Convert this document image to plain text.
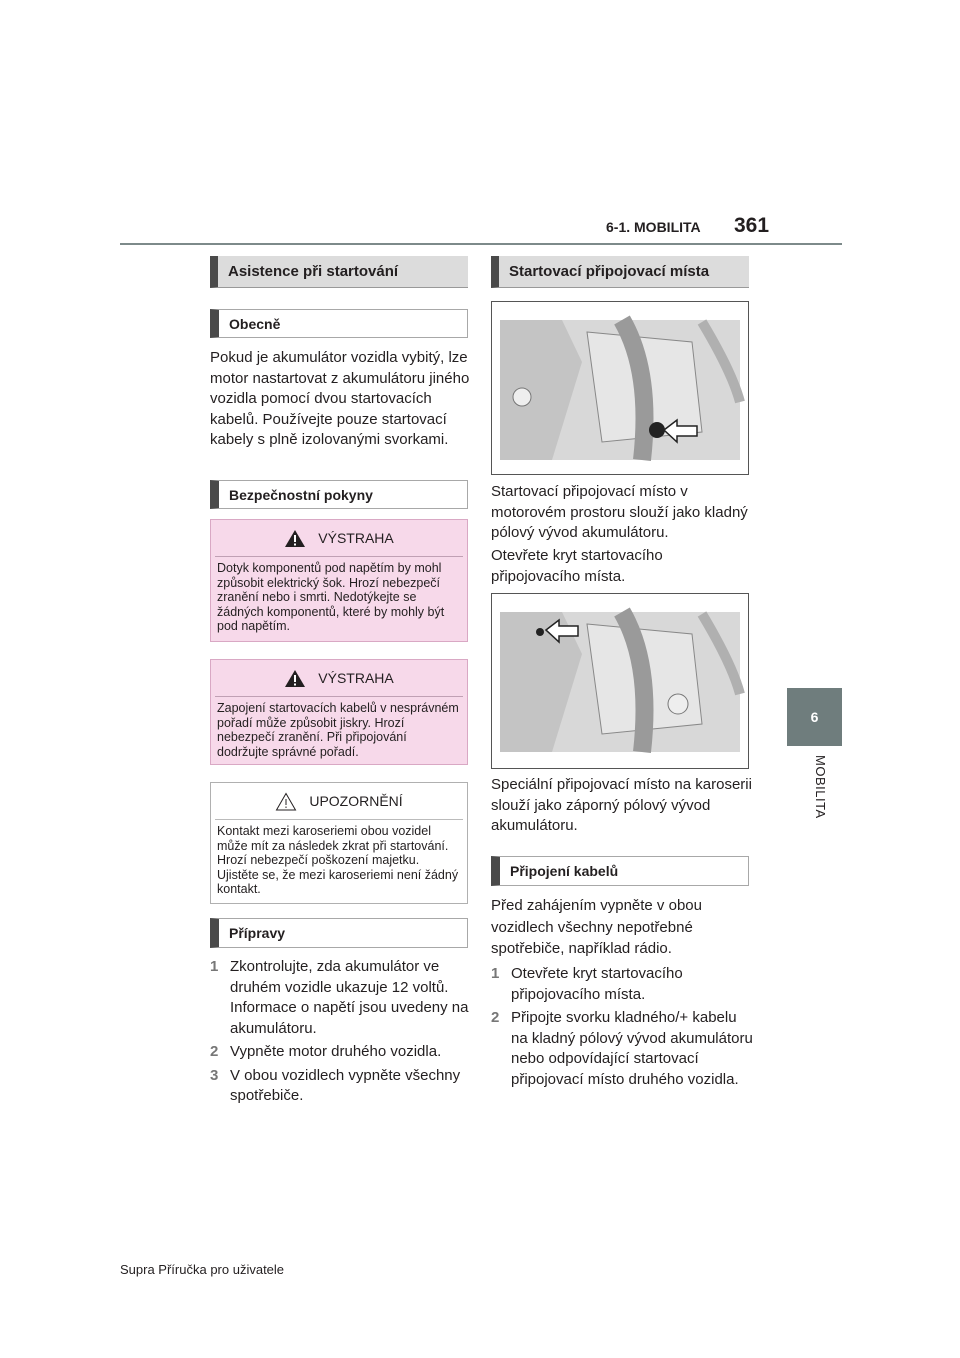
6-1. MOBILITA 361
6
MOBILITA
Asistence při startování
Obecně
Pokud je akumulátor vozidla vybitý, lze motor nastartovat z akumulátoru jiného vozidla pomocí dvou startovacích kabelů. Používejte pouze startovací kabely s plně izolovanými svorkami.
Bezpečnostní pokyny
VÝSTRAHA
Dotyk komponentů pod napětím by mohl způsobit elektrický šok. Hrozí nebezpečí zranění nebo i smrti. Nedotýkejte se žádných komponentů, které by mohly být pod napětím.
VÝSTRAHA
Zapojení startovacích kabelů v nesprávném pořadí může způsobit jiskry. Hrozí nebezpečí zranění. Při připojování dodržujte správné pořadí.
UPOZORNĚNÍ
Kontakt mezi karoseriemi obou vozidel může mít za následek zkrat při startování. Hrozí nebezpečí poškození majetku. Ujistěte se, že mezi karoseriemi není žádný kontakt.
Přípravy
1 Zkontrolujte, zda akumulátor ve druhém vozidle ukazuje 12 voltů. Informace o napětí jsou uvedeny na akumulátoru.
2 Vypněte motor druhého vozidla.
3 V obou vozidlech vypněte všechny spotřebiče.
Startovací připojovací místa
Startovací připojovací místo v motorovém prostoru slouží jako kladný pólový vývod akumulátoru.
Otevřete kryt startovacího připojovacího místa.
Speciální připojovací místo na karoserii slouží jako záporný pólový vývod akumulátoru.
Připojení kabelů
Před zahájením vypněte v obou vozidlech všechny nepotřebné spotřebiče, například rádio.
1 Otevřete kryt startovacího připojovacího místa.
2 Připojte svorku kladného/+ kabelu na kladný pólový vývod akumulátoru nebo odpovídající startovací připojovací místo druhého vozidla.
Supra Příručka pro uživatele
